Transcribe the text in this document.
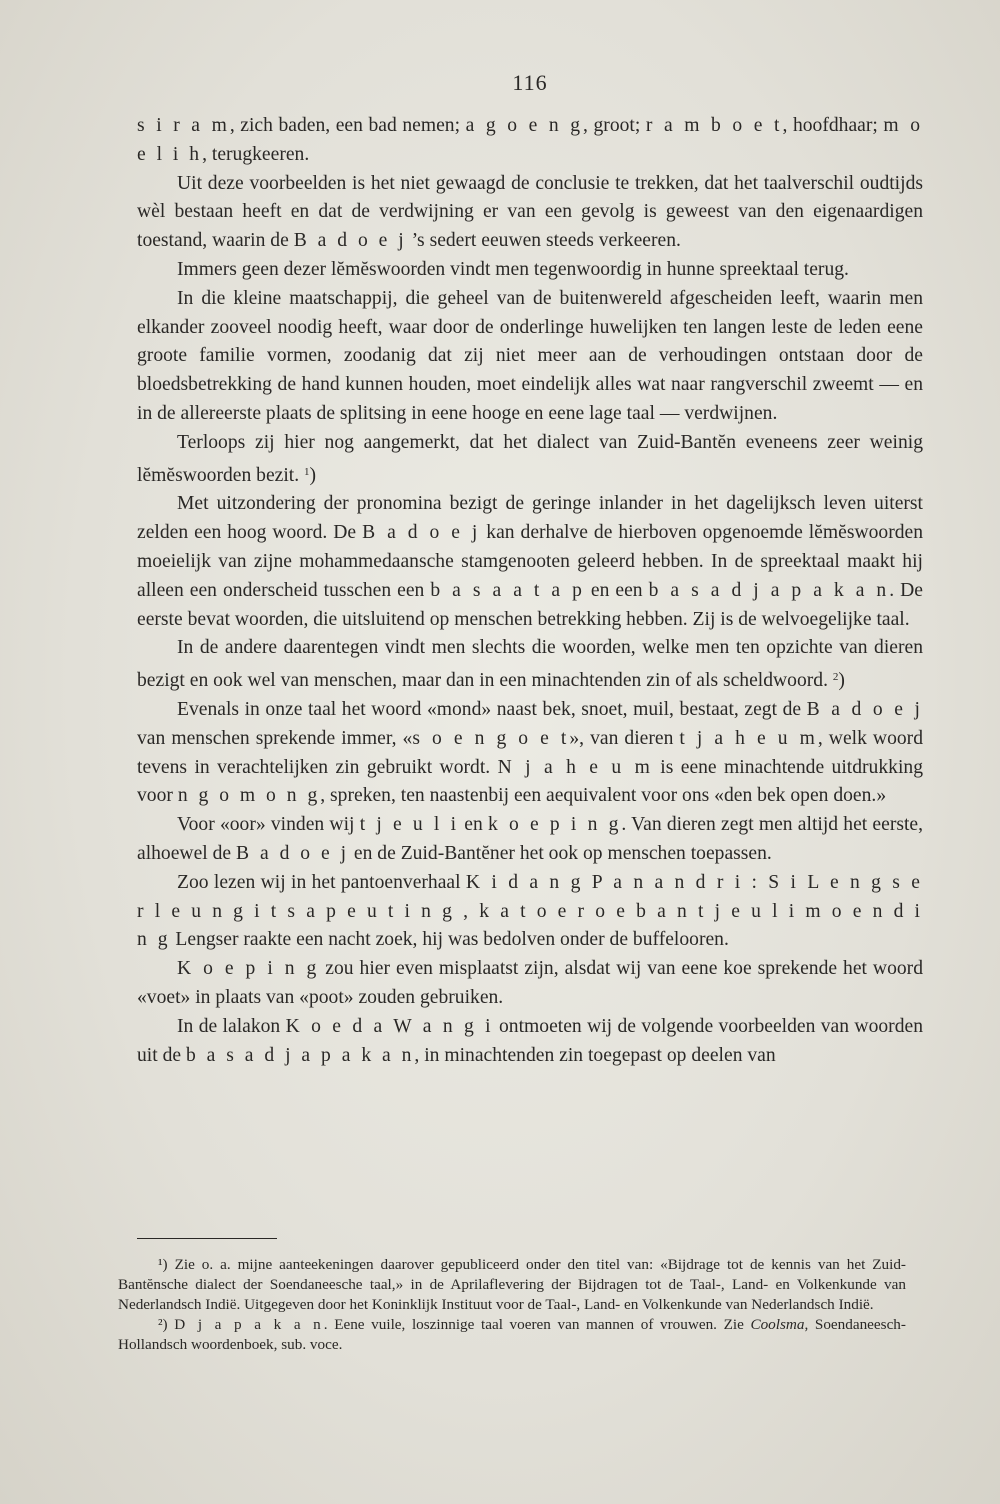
116

s i r a m, zich baden, een bad nemen; a g o e n g, groot; r a m b o e t, hoofdhaar; m o e l i h, terugkeeren.

Uit deze voorbeelden is het niet gewaagd de conclusie te trekken, dat het taalverschil oudtijds wèl bestaan heeft en dat de verdwijning er van een gevolg is geweest van den eigenaardigen toestand, waarin de B a d o e j ’s sedert eeuwen steeds verkeeren.

Immers geen dezer lĕmĕswoorden vindt men tegenwoordig in hunne spreektaal terug.

In die kleine maatschappij, die geheel van de buitenwereld afgescheiden leeft, waarin men elkander zooveel noodig heeft, waar door de onderlinge huwelijken ten langen leste de leden eene groote familie vormen, zoodanig dat zij niet meer aan de verhoudingen ontstaan door de bloedsbetrekking de hand kunnen houden, moet eindelijk alles wat naar rangverschil zweemt — en in de allereerste plaats de splitsing in eene hooge en eene lage taal — verdwijnen.

Terloops zij hier nog aangemerkt, dat het dialect van Zuid-Bantĕn eveneens zeer weinig lĕmĕswoorden bezit. $^1$)

Met uitzondering der pronomina bezigt de geringe inlander in het dagelijksch leven uiterst zelden een hoog woord. De B a d o e j kan derhalve de hierboven opgenoemde lĕmĕswoorden moeielijk van zijne mohammedaansche stamgenooten geleerd hebben. In de spreektaal maakt hij alleen een onderscheid tusschen een b a s a a t a p en een b a s a d j a p a k a n. De eerste bevat woorden, die uitsluitend op menschen betrekking hebben. Zij is de welvoegelijke taal.

In de andere daarentegen vindt men slechts die woorden, welke men ten opzichte van dieren bezigt en ook wel van menschen, maar dan in een minachtenden zin of als scheldwoord. $^2$)

Evenals in onze taal het woord «mond» naast bek, snoet, muil, bestaat, zegt de B a d o e j van menschen sprekende immer, «s o e n g o e t», van dieren t j a h e u m, welk woord tevens in verachtelijken zin gebruikt wordt. N j a h e u m is eene minachtende uitdrukking voor n g o m o n g, spreken, ten naastenbij een aequivalent voor ons «den bek open doen.»

Voor «oor» vinden wij t j e u l i en k o e p i n g. Van dieren zegt men altijd het eerste, alhoewel de B a d o e j en de Zuid-Bantĕner het ook op menschen toepassen.

Zoo lezen wij in het pantoenverhaal K i d a n g P a n a n d r i : S i L e n g s e r l e u n g i t s a p e u t i n g , k a t o e r o e b a n t j e u l i m o e n d i n g Lengser raakte een nacht zoek, hij was bedolven onder de buffelooren.

K o e p i n g zou hier even misplaatst zijn, alsdat wij van eene koe sprekende het woord «voet» in plaats van «poot» zouden gebruiken.

In de lalakon K o e d a W a n g i ontmoeten wij de volgende voorbeelden van woorden uit de b a s a d j a p a k a n, in minachtenden zin toegepast op deelen van

¹) Zie o. a. mijne aanteekeningen daarover gepubliceerd onder den titel van: «Bijdrage tot de kennis van het Zuid-Bantĕnsche dialect der Soendaneesche taal,» in de Aprilaflevering der Bijdragen tot de Taal-, Land- en Volkenkunde van Nederlandsch Indië. Uitgegeven door het Koninklijk Instituut voor de Taal-, Land- en Volkenkunde van Nederlandsch Indië.

²) D j a p a k a n. Eene vuile, loszinnige taal voeren van mannen of vrouwen. Zie Coolsma, Soendaneesch-Hollandsch woordenboek, sub. voce.
